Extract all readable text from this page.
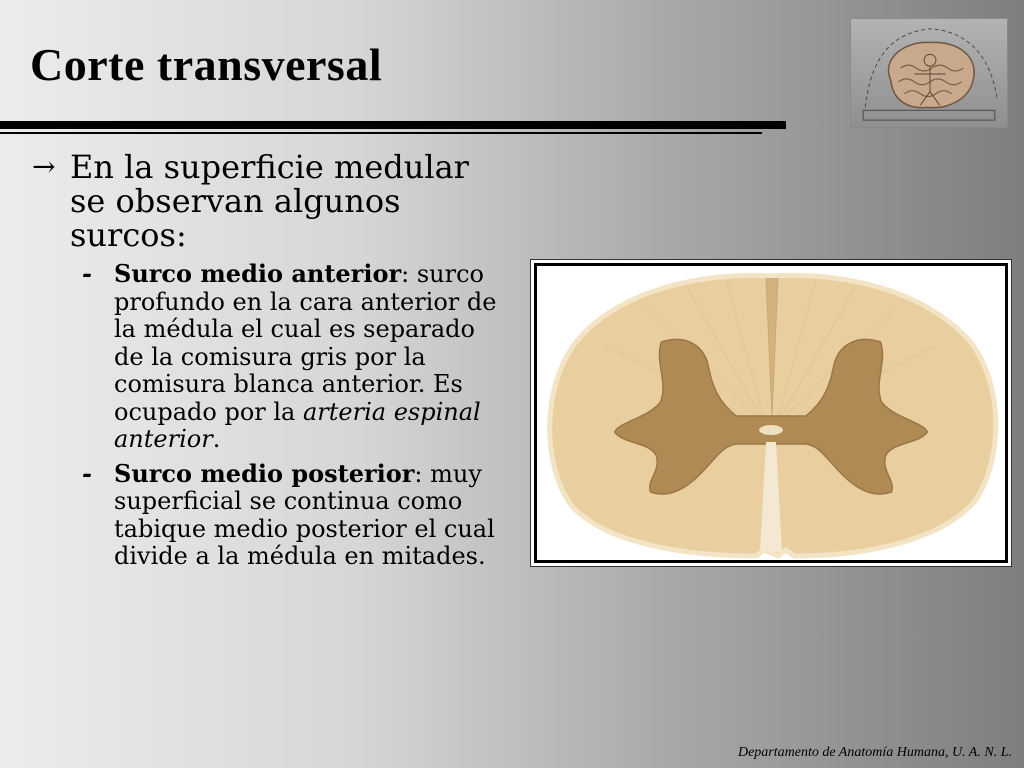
Corte transversal
→ En la superficie medular se observan algunos surcos:
- Surco medio anterior: surco profundo en la cara anterior de la médula el cual es separado de la comisura gris por la comisura blanca anterior. Es ocupado por la arteria espinal anterior.
- Surco medio posterior: muy superficial se continua como tabique medio posterior el cual divide a la médula en mitades.
Departamento de Anatomía Humana, U. A. N. L.
